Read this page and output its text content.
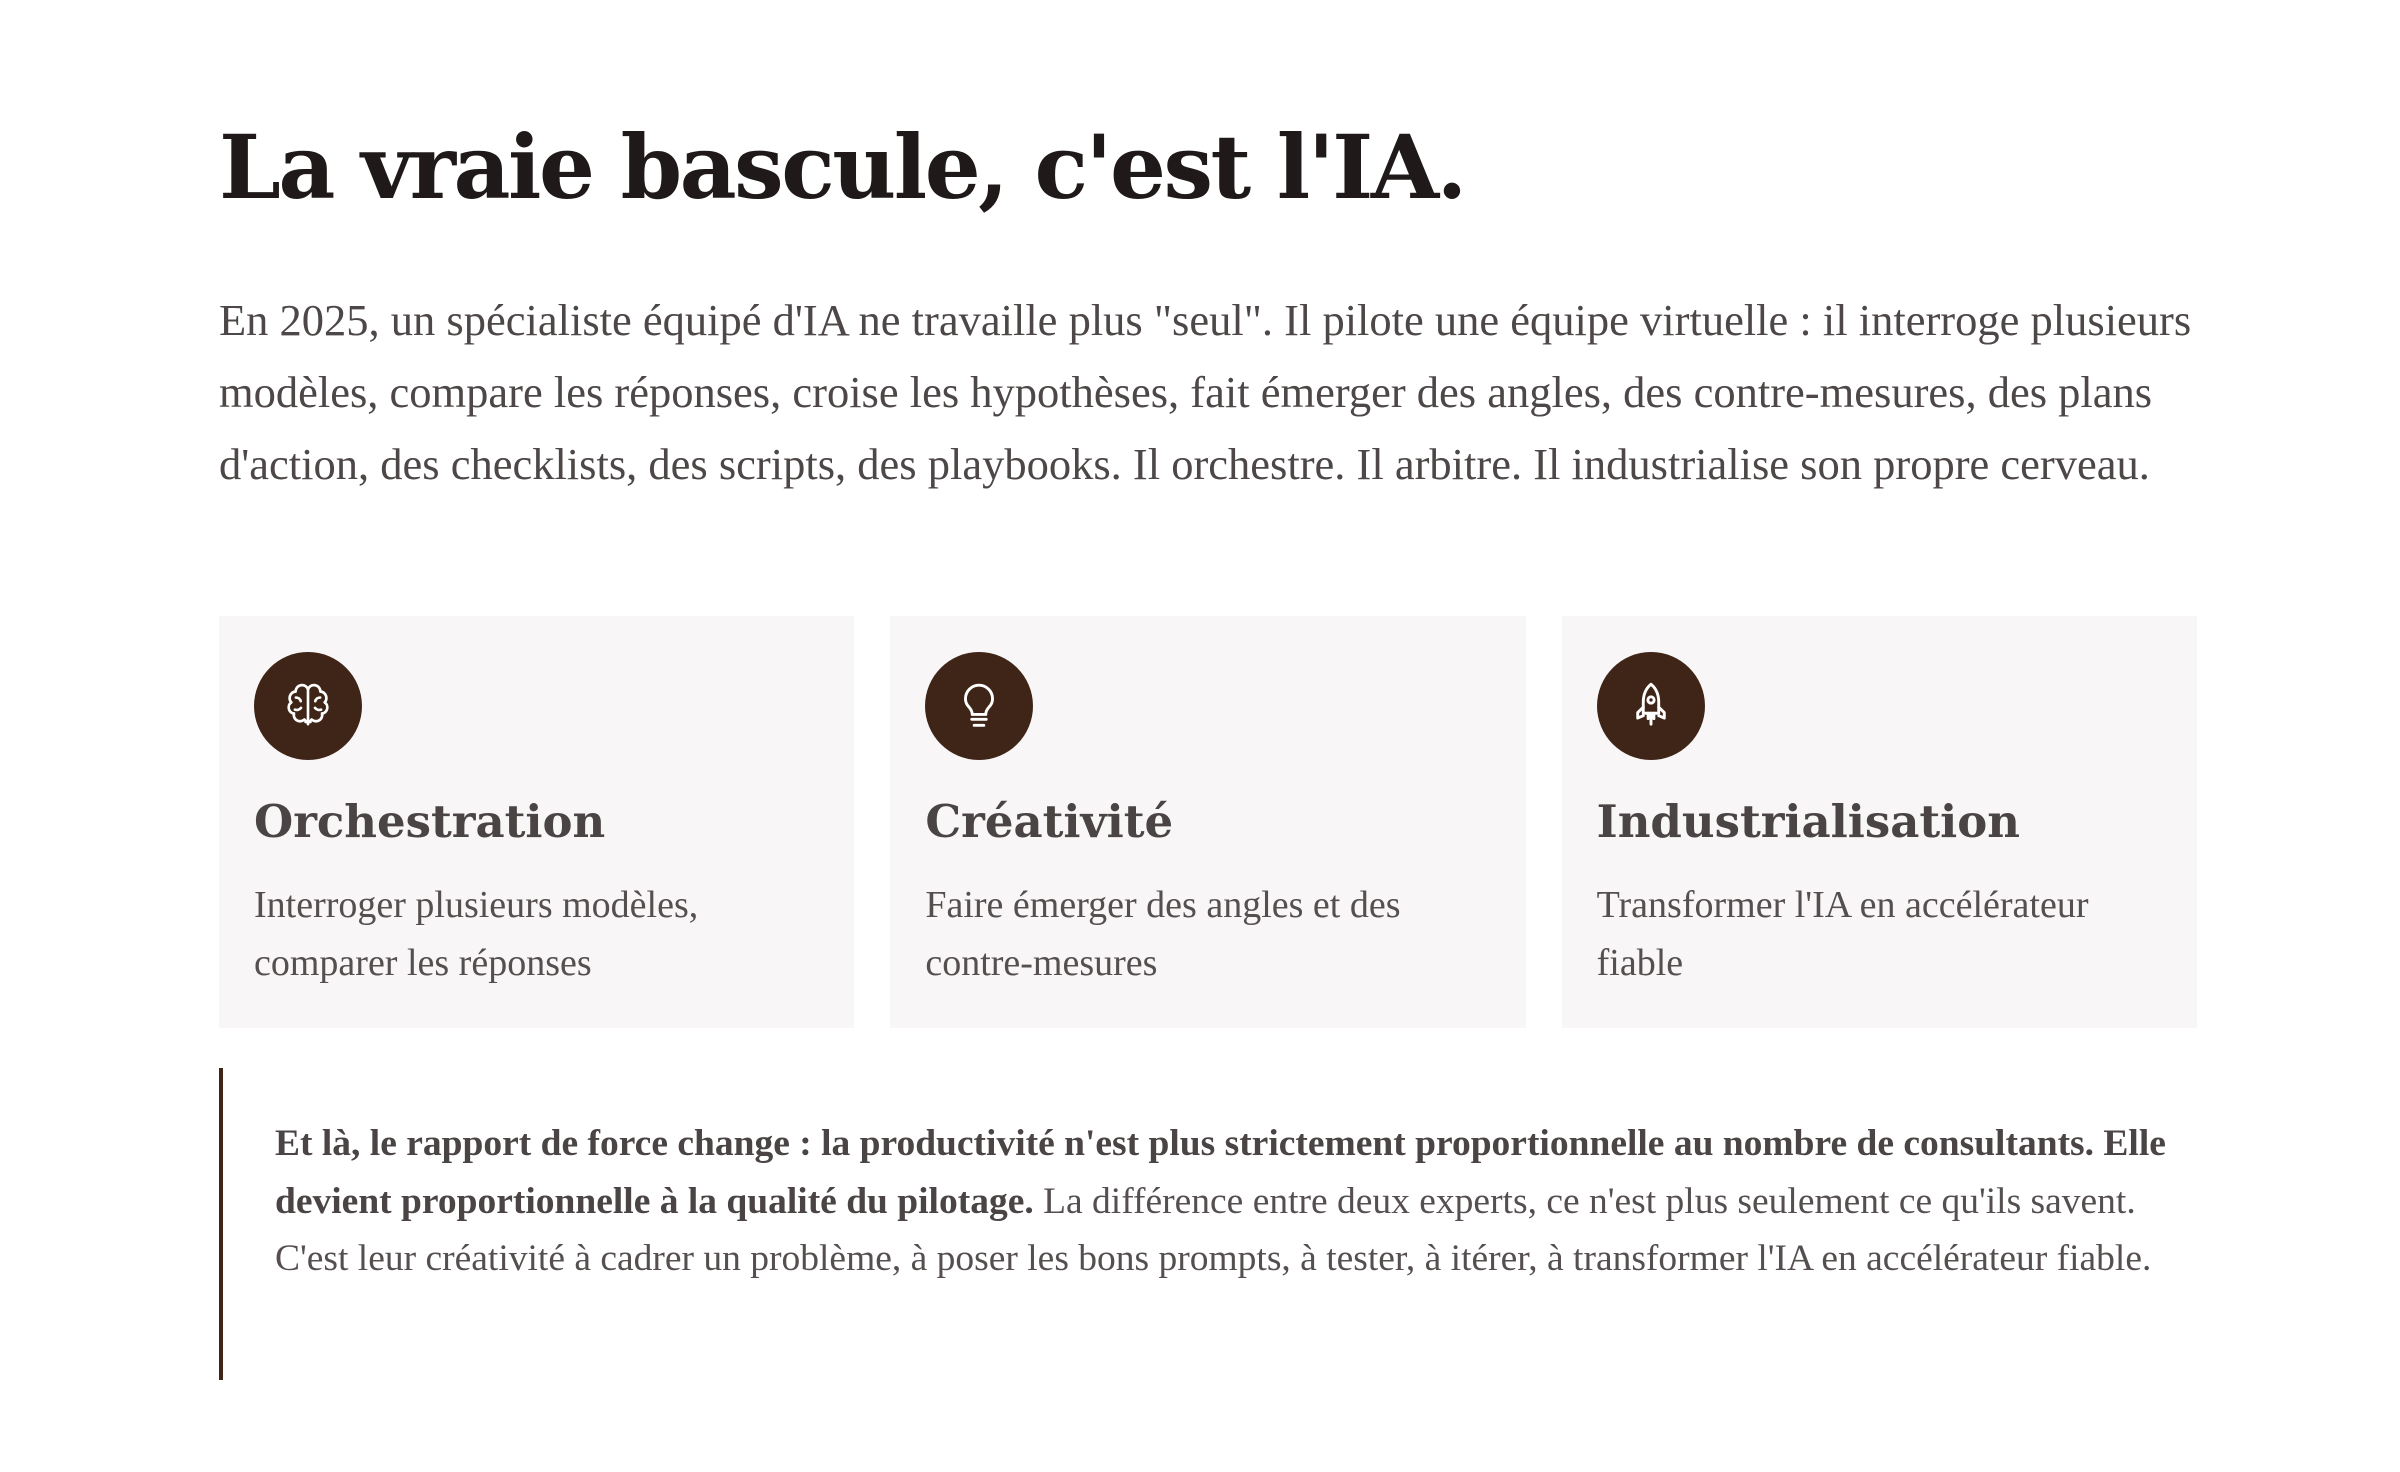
La vraie bascule, c'est l'IA.

En 2025, un spécialiste équipé d'IA ne travaille plus "seul". Il pilote une équipe virtuelle : il interroge plusieurs modèles, compare les réponses, croise les hypothèses, fait émerger des angles, des contre-mesures, des plans d'action, des checklists, des scripts, des playbooks. Il orchestre. Il arbitre. Il industrialise son propre cerveau.

Orchestration

Interroger plusieurs modèles, comparer les réponses

Créativité

Faire émerger des angles et des contre-mesures

Industrialisation

Transformer l'IA en accélérateur fiable

Et là, le rapport de force change : la productivité n'est plus strictement proportionnelle au nombre de consultants. Elle devient proportionnelle à la qualité du pilotage. La différence entre deux experts, ce n'est plus seulement ce qu'ils savent. C'est leur créativité à cadrer un problème, à poser les bons prompts, à tester, à itérer, à transformer l'IA en accélérateur fiable.
